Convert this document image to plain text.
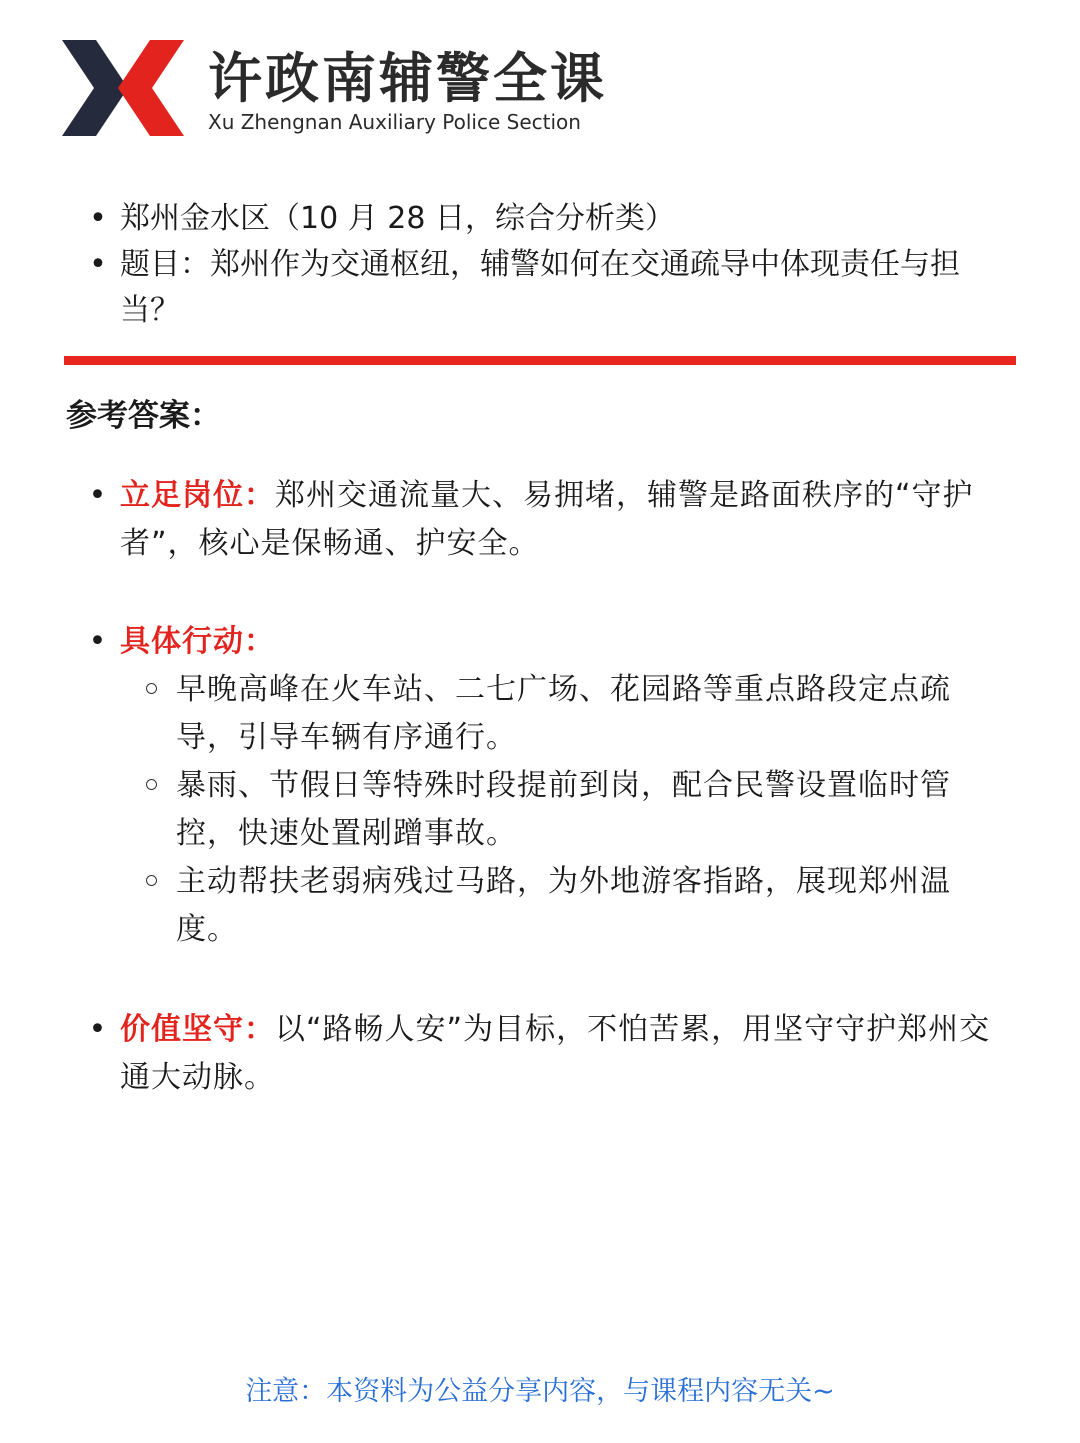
许政南辅警全课
Xu Zhengnan Auxiliary Police Section
• 郑州金水区（10 月 28 日，综合分析类）
• 题目：郑州作为交通枢纽，辅警如何在交通疏导中体现责任与担当？
参考答案：
• 立足岗位：郑州交通流量大、易拥堵，辅警是路面秩序的“守护者”，核心是保畅通、护安全。
• 具体行动：
早晚高峰在火车站、二七广场、花园路等重点路段定点疏导，引导车辆有序通行。
暴雨、节假日等特殊时段提前到岗，配合民警设置临时管控，快速处置剐蹭事故。
主动帮扶老弱病残过马路，为外地游客指路，展现郑州温度。
• 价值坚守：以“路畅人安”为目标，不怕苦累，用坚守守护郑州交通大动脉。
注意：本资料为公益分享内容，与课程内容无关~
